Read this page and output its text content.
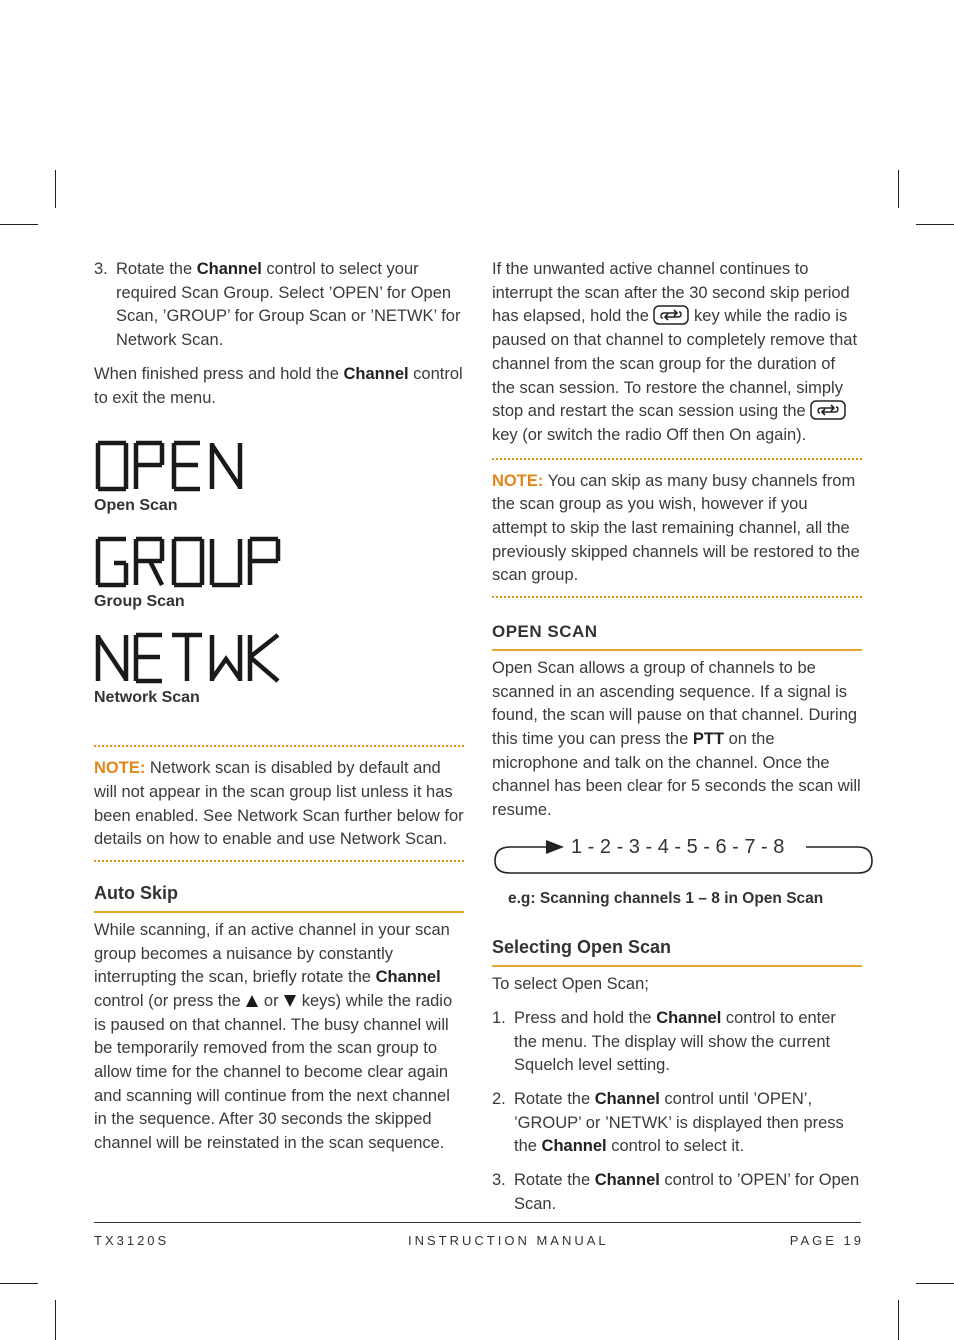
3. Rotate the Channel control to select your required Scan Group. Select ’OPEN’ for Open Scan, ’GROUP’ for Group Scan or ’NETWK’ for Network Scan.

When finished press and hold the Channel control to exit the menu.

Open Scan
Group Scan
Network Scan

NOTE: Network scan is disabled by default and will not appear in the scan group list unless it has been enabled. See Network Scan further below for details on how to enable and use Network Scan.

Auto Skip

While scanning, if an active channel in your scan group becomes a nuisance by constantly interrupting the scan, briefly rotate the Channel control (or press the  or  keys) while the radio is paused on that channel. The busy channel will be temporarily removed from the scan group to allow time for the channel to become clear again and scanning will continue from the next channel in the sequence. After 30 seconds the skipped channel will be reinstated in the scan sequence.

If the unwanted active channel continues to interrupt the scan after the 30 second skip period has elapsed, hold the  key while the radio is paused on that channel to completely remove that channel from the scan group for the duration of the scan session. To restore the channel, simply stop and restart the scan session using the  key (or switch the radio Off then On again).

NOTE: You can skip as many busy channels from the scan group as you wish, however if you attempt to skip the last remaining channel, all the previously skipped channels will be restored to the scan group.

OPEN SCAN

Open Scan allows a group of channels to be scanned in an ascending sequence. If a signal is found, the scan will pause on that channel. During this time you can press the PTT on the microphone and talk on the channel. Once the channel has been clear for 5 seconds the scan will resume.

1 - 2 - 3 - 4 - 5 - 6 - 7 - 8
e.g: Scanning channels 1 – 8 in Open Scan
Selecting Open Scan

To select Open Scan;

1. Press and hold the Channel control to enter the menu. The display will show the current Squelch level setting.
2. Rotate the Channel control until ’OPEN’, ’GROUP’ or ’NETWK’ is displayed then press the Channel control to select it.
3. Rotate the Channel control to ’OPEN’ for Open Scan.
TX3120S	INSTRUCTION MANUAL	PAGE 19
